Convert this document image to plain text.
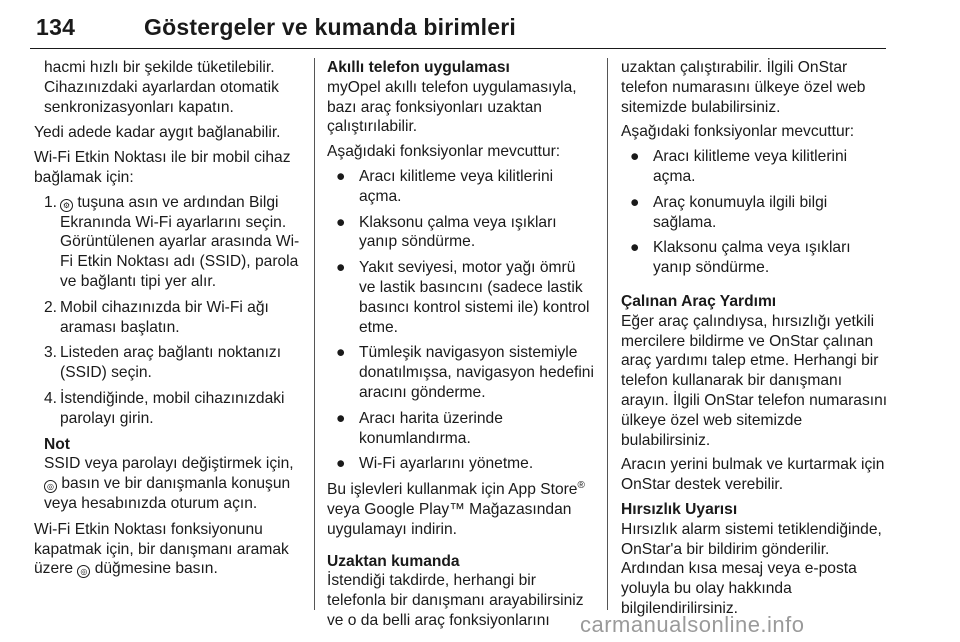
134	Göstergeler ve kumanda birimleri

hacmi hızlı bir şekilde tüketilebilir. Cihazınızdaki ayarlardan otomatik senkronizasyonları kapatın.

Yedi adede kadar aygıt bağlanabilir.

Wi-Fi Etkin Noktası ile bir mobil cihaz bağlamak için:

1. ⚙ tuşuna asın ve ardından Bilgi Ekranında Wi-Fi ayarlarını seçin. Görüntülenen ayarlar arasında Wi-Fi Etkin Noktası adı (SSID), parola ve bağlantı tipi yer alır.
2. Mobil cihazınızda bir Wi-Fi ağı araması başlatın.
3. Listeden araç bağlantı noktanızı (SSID) seçin.
4. İstendiğinde, mobil cihazınızdaki parolayı girin.
Not
SSID veya parolayı değiştirmek için, ◎ basın ve bir danışmanla konuşun veya hesabınızda oturum açın.

Wi-Fi Etkin Noktası fonksiyonunu kapatmak için, bir danışmanı aramak üzere ◎ düğmesine basın.

Akıllı telefon uygulaması

myOpel akıllı telefon uygulamasıyla, bazı araç fonksiyonları uzaktan çalıştırılabilir.

Aşağıdaki fonksiyonlar mevcuttur:

● Aracı kilitleme veya kilitlerini açma.
● Klaksonu çalma veya ışıkları yanıp söndürme.
● Yakıt seviyesi, motor yağı ömrü ve lastik basıncını (sadece lastik basıncı kontrol sistemi ile) kontrol etme.
● Tümleşik navigasyon sistemiyle donatılmışsa, navigasyon hedefini aracını gönderme.
● Aracı harita üzerinde konumlandırma.
● Wi-Fi ayarlarını yönetme.

Bu işlevleri kullanmak için App Store® veya Google Play™ Mağazasından uygulamayı indirin.

Uzaktan kumanda

İstendiği takdirde, herhangi bir telefonla bir danışmanı arayabilirsiniz ve o da belli araç fonksiyonlarını

uzaktan çalıştırabilir. İlgili OnStar telefon numarasını ülkeye özel web sitemizde bulabilirsiniz.

Aşağıdaki fonksiyonlar mevcuttur:

● Aracı kilitleme veya kilitlerini açma.
● Araç konumuyla ilgili bilgi sağlama.
● Klaksonu çalma veya ışıkları yanıp söndürme.
Çalınan Araç Yardımı

Eğer araç çalındıysa, hırsızlığı yetkili mercilere bildirme ve OnStar çalınan araç yardımı talep etme. Herhangi bir telefon kullanarak bir danışmanı arayın. İlgili OnStar telefon numarasını ülkeye özel web sitemizde bulabilirsiniz.

Aracın yerini bulmak ve kurtarmak için OnStar destek verebilir.

Hırsızlık Uyarısı

Hırsızlık alarm sistemi tetiklendiğinde, OnStar'a bir bildirim gönderilir. Ardından kısa mesaj veya e-posta yoluyla bu olay hakkında bilgilendirilirsiniz.

carmanualsonline.info
